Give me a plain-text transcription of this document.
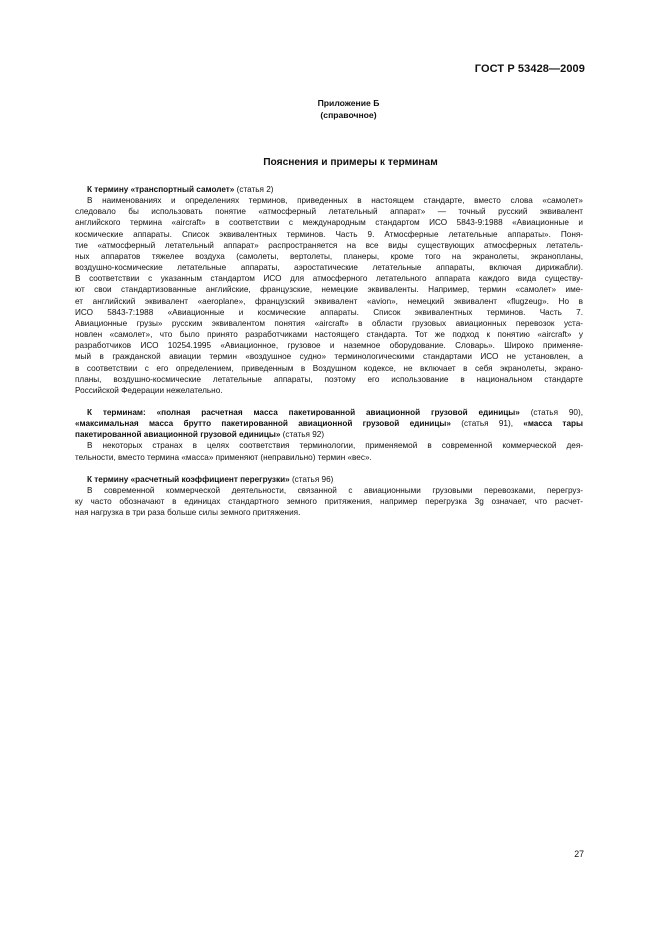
ГОСТ Р 53428—2009
Приложение Б
(справочное)
Пояснения и примеры к терминам
К термину «транспортный самолет» (статья 2)
В наименованиях и определениях терминов, приведенных в настоящем стандарте, вместо слова «самолет»
следовало бы использовать понятие «атмосферный летательный аппарат» — точный русский эквивалент
английского термина «aircraft» в соответствии с международным стандартом ИСО 5843-9:1988 «Авиационные и
космические аппараты. Список эквивалентных терминов. Часть 9. Атмосферные летательные аппараты». Поня-
тие «атмосферный летательный аппарат» распространяется на все виды существующих атмосферных летатель-
ных аппаратов тяжелее воздуха (самолеты, вертолеты, планеры, кроме того на экранолеты, экранопланы,
воздушно-космические летательные аппараты, аэростатические летательные аппараты, включая дирижабли).
В соответствии с указанным стандартом ИСО для атмосферного летательного аппарата каждого вида существу-
ют свои стандартизованные английские, французские, немецкие эквиваленты. Например, термин «самолет» име-
ет английский эквивалент «aeroplane», французский эквивалент «avion», немецкий эквивалент «flugzeug». Но в
ИСО 5843-7:1988 «Авиационные и космические аппараты. Список эквивалентных терминов. Часть 7.
Авиационные грузы» русским эквивалентом понятия «aircraft» в области грузовых авиационных перевозок уста-
новлен «самолет», что было принято разработчиками настоящего стандарта. Тот же подход к понятию «aircraft» у
разработчиков ИСО 10254.1995 «Авиационное, грузовое и наземное оборудование. Словарь». Широко применяе-
мый в гражданской авиации термин «воздушное судно» терминологическими стандартами ИСО не установлен, а
в соответствии с его определением, приведенным в Воздушном кодексе, не включает в себя экранолеты, экрано-
планы, воздушно-космические летательные аппараты, поэтому его использование в национальном стандарте
Российской Федерации нежелательно.
К терминам: «полная расчетная масса пакетированной авиационной грузовой единицы» (статья 90),
«максимальная масса брутто пакетированной авиационной грузовой единицы» (статья 91), «масса тары
пакетированной авиационной грузовой единицы» (статья 92)
В некоторых странах в целях соответствия терминологии, применяемой в современной коммерческой дея-
тельности, вместо термина «масса» применяют (неправильно) термин «вес».
К термину «расчетный коэффициент перегрузки» (статья 96)
В современной коммерческой деятельности, связанной с авиационными грузовыми перевозками, перегруз-
ку часто обозначают в единицах стандартного земного притяжения, например перегрузка 3g означает, что расчет-
ная нагрузка в три раза больше силы земного притяжения.
27
